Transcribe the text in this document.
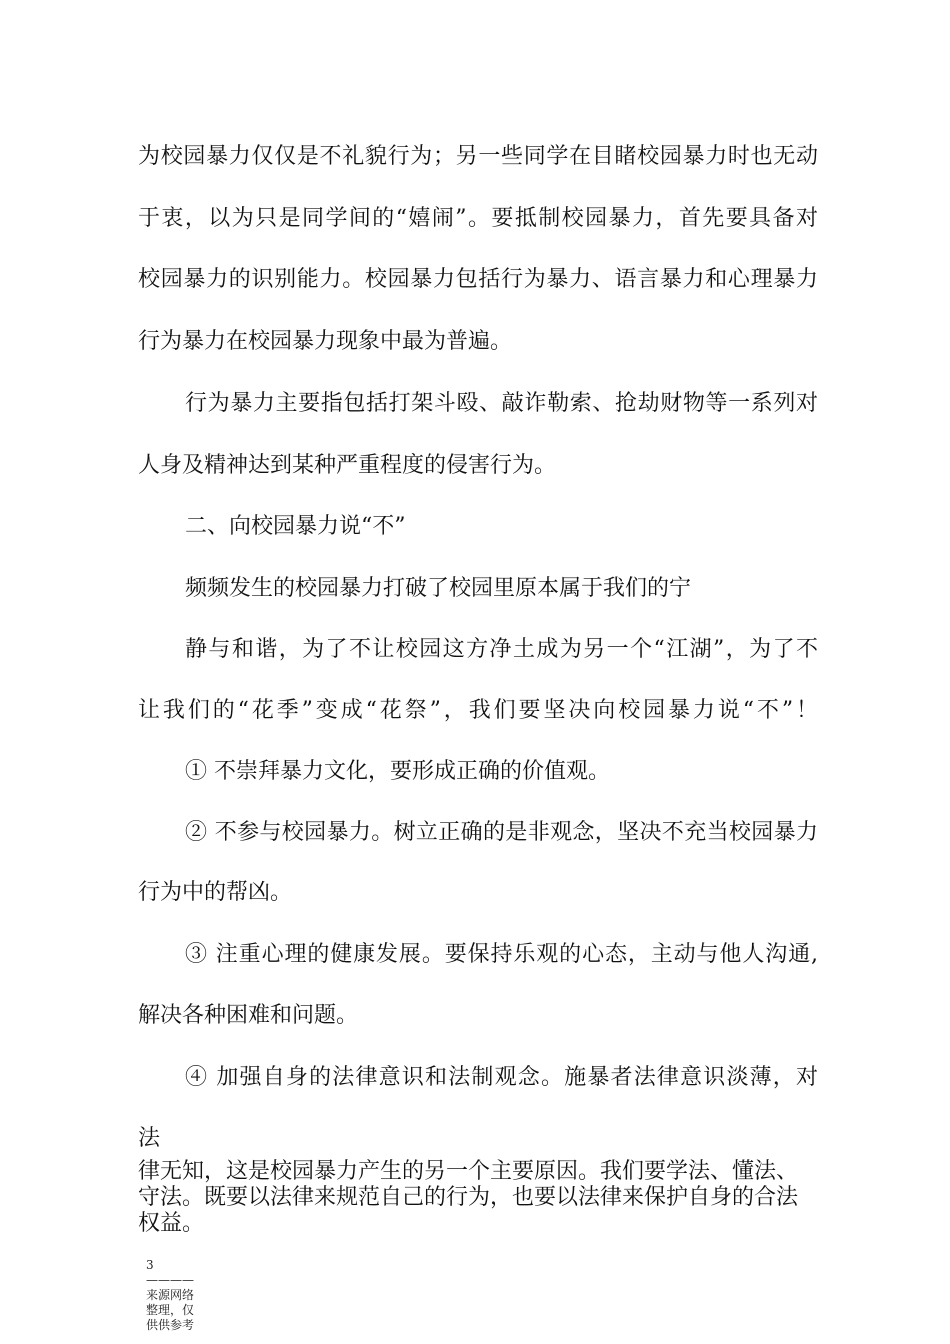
为校园暴力仅仅是不礼貌行为；另一些同学在目睹校园暴力时也无动
于衷，以为只是同学间的“嬉闹”。要抵制校园暴力，首先要具备对
校园暴力的识别能力。校园暴力包括行为暴力、语言暴力和心理暴力
行为暴力在校园暴力现象中最为普遍。
行为暴力主要指包括打架斗殴、敲诈勒索、抢劫财物等一系列对
人身及精神达到某种严重程度的侵害行为。
二、向校园暴力说“不”
频频发生的校园暴力打破了校园里原本属于我们的宁
静与和谐，为了不让校园这方净土成为另一个“江湖”，为了不
让我们的“花季”变成“花祭”，我们要坚决向校园暴力说“不”！
① 不崇拜暴力文化，要形成正确的价值观。
② 不参与校园暴力。树立正确的是非观念，坚决不充当校园暴力
行为中的帮凶。
③ 注重心理的健康发展。要保持乐观的心态，主动与他人沟通,
解决各种困难和问题。
④ 加强自身的法律意识和法制观念。施暴者法律意识淡薄，对
法
律无知，这是校园暴力产生的另一个主要原因。我们要学法、懂法、守法。既要以法律来规范自己的行为，也要以法律来保护自身的合法权益。
3————来源网络整理，仅供供参考
